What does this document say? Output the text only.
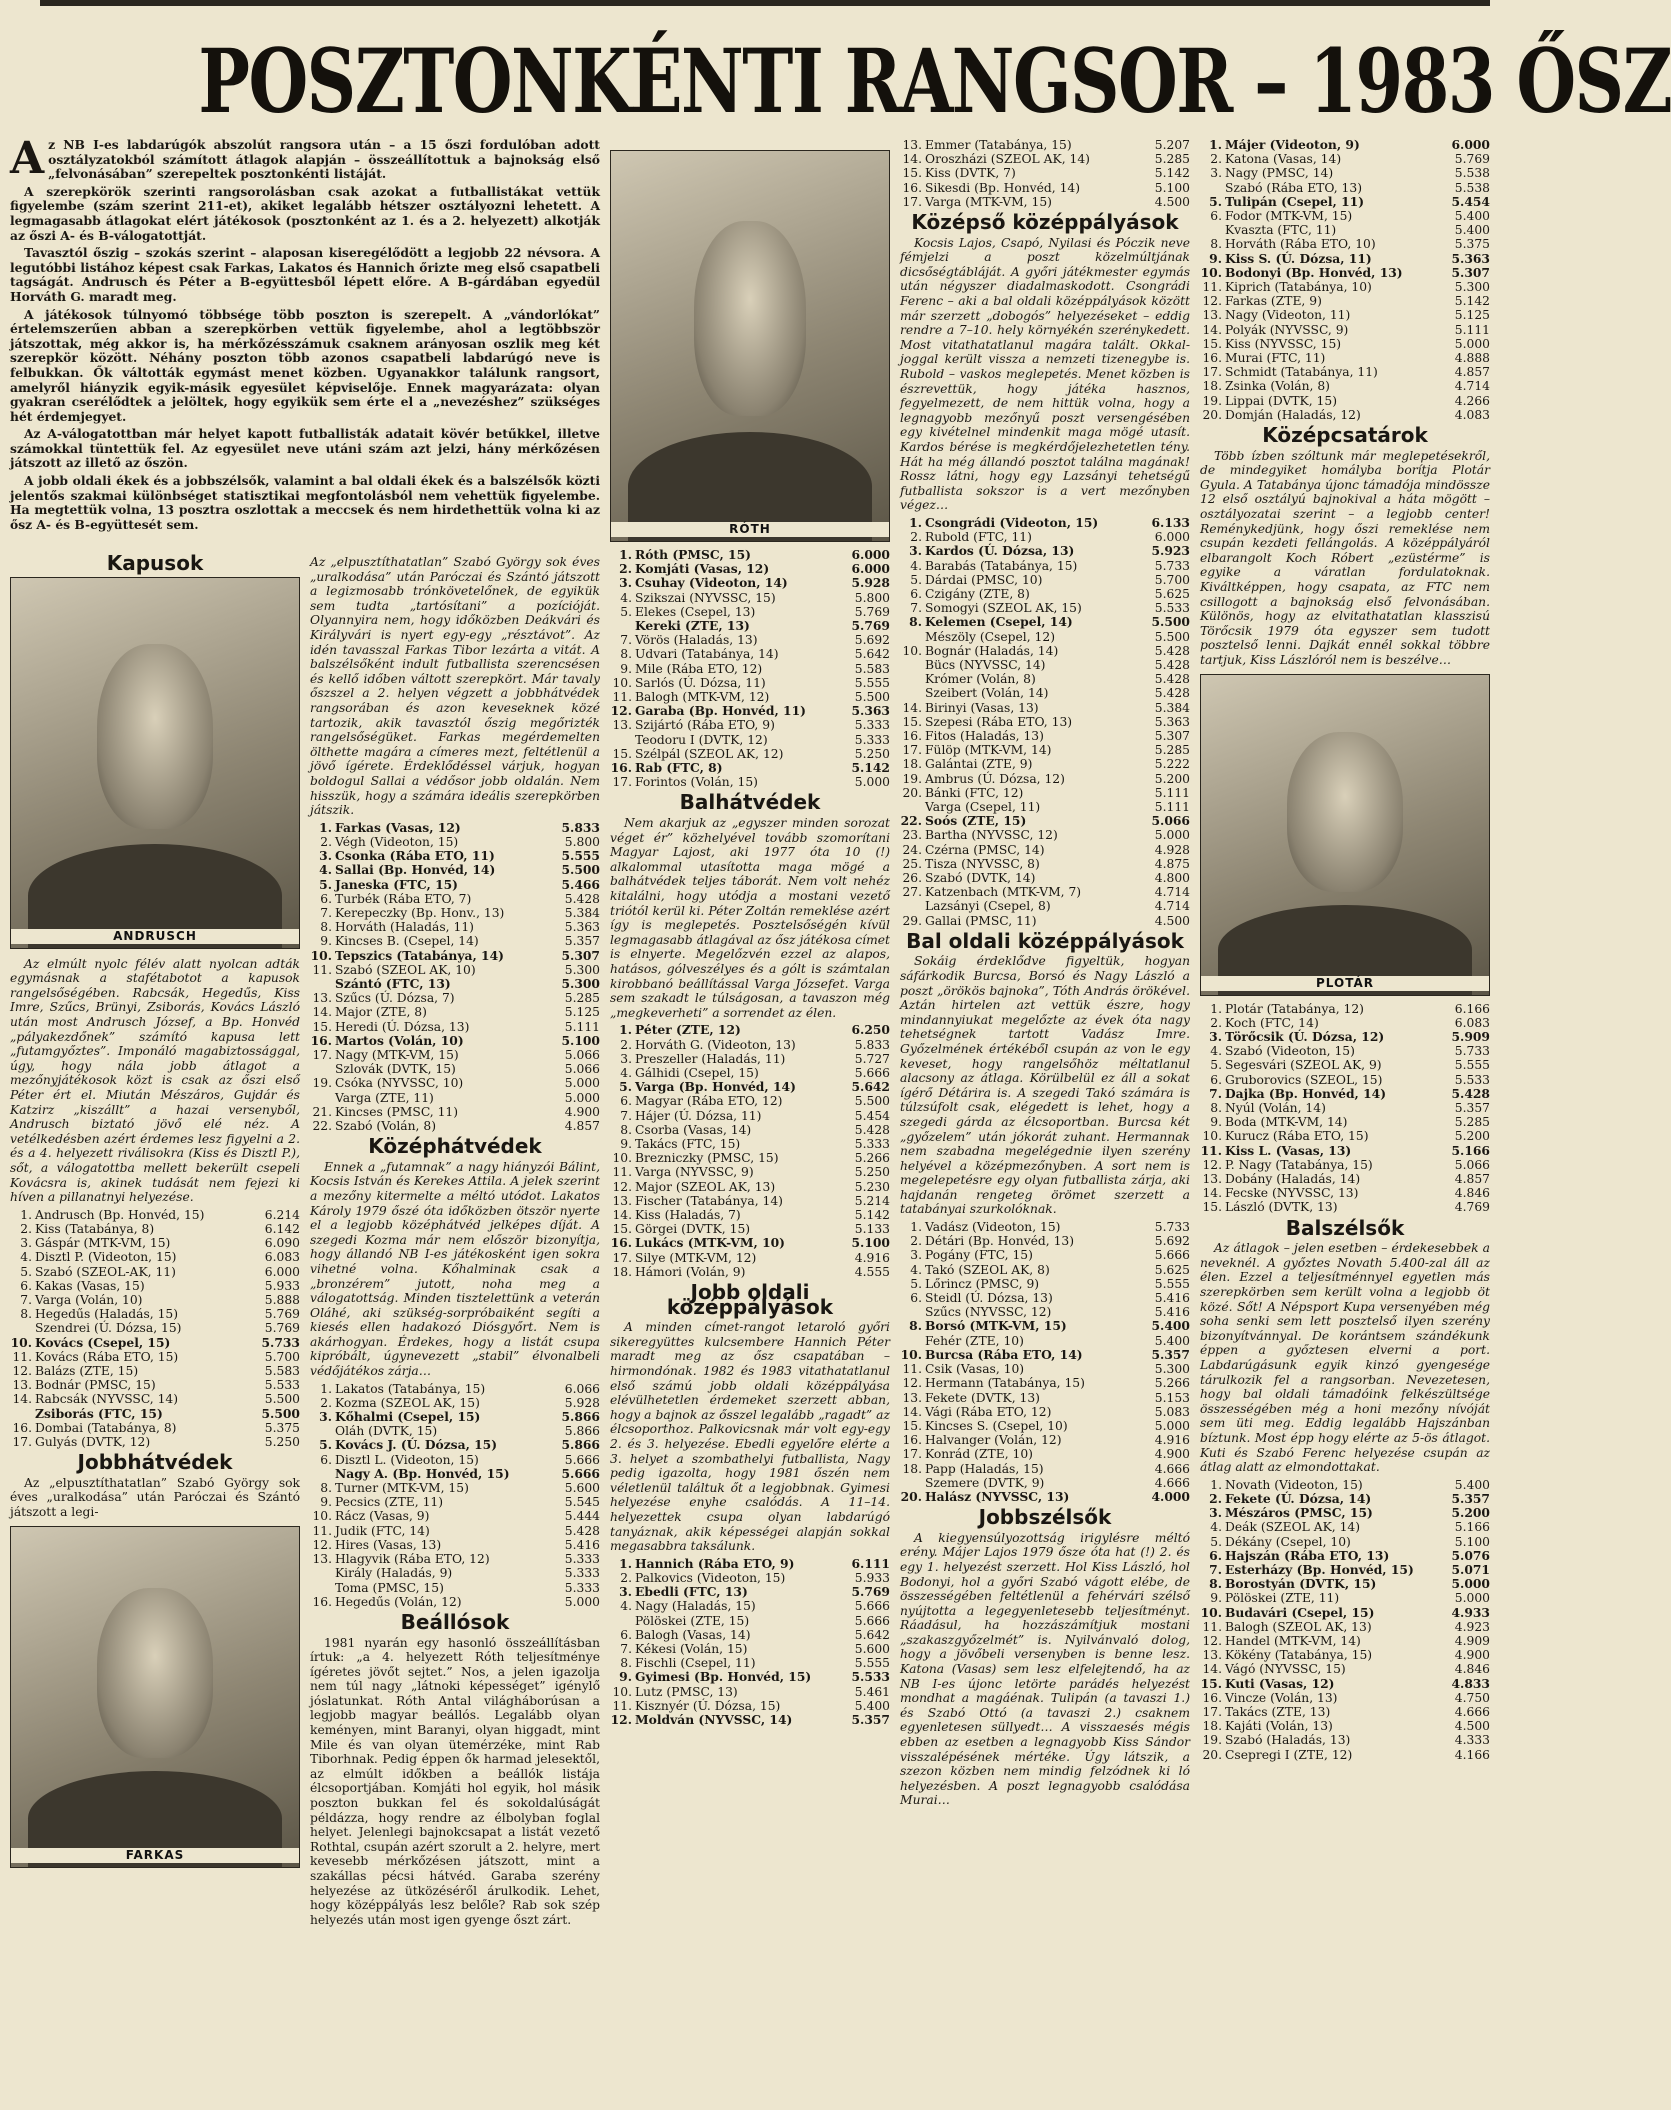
POSZTONKÉNTI RANGSOR – 1983 ŐSZ

Az NB I-es labdarúgók abszolút rangsora után – a 15 őszi fordulóban adott osztályzatokból számított átlagok alapján – összeállítottuk a bajnokság első „felvonásában” szerepeltek posztonkénti listáját.

A szerepkörök szerinti rangsorolásban csak azokat a futballistákat vettük figyelembe (szám szerint 211-et), akiket legalább hétszer osztályozni lehetett. A legmagasabb átlagokat elért játékosok (posztonként az 1. és a 2. helyezett) alkotják az őszi A- és B-válogatottját.

Tavasztól őszig – szokás szerint – alaposan kiseregélődött a legjobb 22 névsora. A legutóbbi listához képest csak Farkas, Lakatos és Hannich őrizte meg első csapatbeli tagságát. Andrusch és Péter a B-együttesből lépett előre. A B-gárdában egyedül Horváth G. maradt meg.

A játékosok túlnyomó többsége több poszton is szerepelt. A „vándorlókat” értelemszerűen abban a szerepkörben vettük figyelembe, ahol a legtöbbször játszottak, még akkor is, ha mérkőzésszámuk csaknem arányosan oszlik meg két szerepkör között. Néhány poszton több azonos csapatbeli labdarúgó neve is felbukkan. Ők váltották egymást menet közben. Ugyanakkor találunk rangsort, amelyről hiányzik egyik-másik egyesület képviselője. Ennek magyarázata: olyan gyakran cserélődtek a jelöltek, hogy egyikük sem érte el a „nevezéshez” szükséges hét érdemjegyet.

Az A-válogatottban már helyet kapott futballisták adatait kövér betűkkel, illetve számokkal tüntettük fel. Az egyesület neve utáni szám azt jelzi, hány mérkőzésen játszott az illető az őszön.

A jobb oldali ékek és a jobbszélsők, valamint a bal oldali ékek és a balszélsők közti jelentős szakmai különbséget statisztikai megfontolásból nem vehettük figyelembe. Ha megtettük volna, 13 posztra oszlottak a meccsek és nem hirdethettük volna ki az ősz A- és B-együttesét sem.

Kapusok
ANDRUSCH

Az elmúlt nyolc félév alatt nyolcan adták egymásnak a stafétabotot a kapusok rangelsőségében. Rabcsák, Hegedűs, Kiss Imre, Szűcs, Brünyi, Zsiborás, Kovács László után most Andrusch József, a Bp. Honvéd „pályakezdőnek” számító kapusa lett „futamgyőztes”. Imponáló magabiztossággal, úgy, hogy nála jobb átlagot a mezőnyjátékosok közt is csak az őszi első Péter ért el. Miután Mészáros, Gujdár és Katzirz „kiszállt” a hazai versenyből, Andrusch biztató jövő elé néz. A vetélkedésben azért érdemes lesz figyelni a 2. és a 4. helyezett riválisokra (Kiss és Disztl P.), sőt, a válogatottba mellett bekerült csepeli Kovácsra is, akinek tudását nem fejezi ki híven a pillanatnyi helyezése.

1.	Andrusch (Bp. Honvéd, 15)	6.214
2.	Kiss (Tatabánya, 8)	6.142
3.	Gáspár (MTK-VM, 15)	6.090
4.	Disztl P. (Videoton, 15)	6.083
5.	Szabó (SZEOL-AK, 11)	6.000
6.	Kakas (Vasas, 15)	5.933
7.	Varga (Volán, 10)	5.888
8.	Hegedűs (Haladás, 15)	5.769
	Szendrei (Ú. Dózsa, 15)	5.769
10.	Kovács (Csepel, 15)	5.733
11.	Kovács (Rába ETO, 15)	5.700
12.	Balázs (ZTE, 15)	5.583
13.	Bodnár (PMSC, 15)	5.533
14.	Rabcsák (NYVSSC, 14)	5.500
	Zsiborás (FTC, 15)	5.500
16.	Dombai (Tatabánya, 8)	5.375
17.	Gulyás (DVTK, 12)	5.250
Jobbhátvédek

Az „elpusztíthatatlan” Szabó György sok éves „uralkodása” után Paróczai és Szántó játszott a legi-

FARKAS

Az „elpusztíthatatlan” Szabó György sok éves „uralkodása” után Paróczai és Szántó játszott a legizmosabb trónkövetelőnek, de egyikük sem tudta „tartósítani” a pozícióját. Olyannyira nem, hogy időközben Deákvári és Királyvári is nyert egy-egy „résztávot”. Az idén tavasszal Farkas Tibor lezárta a vitát. A balszélsőként indult futballista szerencsésen és kellő időben váltott szerepkört. Már tavaly őszszel a 2. helyen végzett a jobbhátvédek rangsorában és azon keveseknek közé tartozik, akik tavasztól őszig megőrizték rangelsőségüket. Farkas megérdemelten ölthette magára a címeres mezt, feltétlenül a jövő ígérete. Érdeklődéssel várjuk, hogyan boldogul Sallai a védősor jobb oldalán. Nem hisszük, hogy a számára ideális szerepkörben játszik.

1.	Farkas (Vasas, 12)	5.833
2.	Végh (Videoton, 15)	5.800
3.	Csonka (Rába ETO, 11)	5.555
4.	Sallai (Bp. Honvéd, 14)	5.500
5.	Janeska (FTC, 15)	5.466
6.	Turbék (Rába ETO, 7)	5.428
7.	Kerepeczky (Bp. Honv., 13)	5.384
8.	Horváth (Haladás, 11)	5.363
9.	Kincses B. (Csepel, 14)	5.357
10.	Tepszics (Tatabánya, 14)	5.307
11.	Szabó (SZEOL AK, 10)	5.300
	Szántó (FTC, 13)	5.300
13.	Szűcs (Ú. Dózsa, 7)	5.285
14.	Major (ZTE, 8)	5.125
15.	Heredi (Ú. Dózsa, 13)	5.111
16.	Martos (Volán, 10)	5.100
17.	Nagy (MTK-VM, 15)	5.066
	Szlovák (DVTK, 15)	5.066
19.	Csóka (NYVSSC, 10)	5.000
	Varga (ZTE, 11)	5.000
21.	Kincses (PMSC, 11)	4.900
22.	Szabó (Volán, 8)	4.857
Középhátvédek

Ennek a „futamnak” a nagy hiányzói Bálint, Kocsis István és Kerekes Attila. A jelek szerint a mezőny kitermelte a méltó utódot. Lakatos Károly 1979 őszé óta időközben ötször nyerte el a legjobb középhátvéd jelképes díját. A szegedi Kozma már nem először bizonyítja, hogy állandó NB I-es játékosként igen sokra vihetné volna. Kőhalminak csak a „bronzérem” jutott, noha meg a válogatottság. Minden tisztelettünk a veterán Oláhé, aki szükség-sorpróbaiként segíti a kiesés ellen hadakozó Diósgyőrt. Nem is akárhogyan. Érdekes, hogy a listát csupa kipróbált, úgynevezett „stabil” élvonalbeli védőjátékos zárja…

1.	Lakatos (Tatabánya, 15)	6.066
2.	Kozma (SZEOL AK, 15)	5.928
3.	Kőhalmi (Csepel, 15)	5.866
	Oláh (DVTK, 15)	5.866
5.	Kovács J. (Ú. Dózsa, 15)	5.866
6.	Disztl L. (Videoton, 15)	5.666
	Nagy A. (Bp. Honvéd, 15)	5.666
8.	Turner (MTK-VM, 15)	5.600
9.	Pecsics (ZTE, 11)	5.545
10.	Rácz (Vasas, 9)	5.444
11.	Judik (FTC, 14)	5.428
12.	Hires (Vasas, 13)	5.416
13.	Hlagyvik (Rába ETO, 12)	5.333
	Király (Haladás, 9)	5.333
	Toma (PMSC, 15)	5.333
16.	Hegedűs (Volán, 12)	5.000
Beállósok

1981 nyarán egy hasonló összeállításban írtuk: „a 4. helyezett Róth teljesítménye ígéretes jövőt sejtet.” Nos, a jelen igazolja nem túl nagy „látnoki képességet” igénylő jóslatunkat. Róth Antal világháborúsan a legjobb magyar beállós. Legalább olyan keményen, mint Baranyi, olyan higgadt, mint Mile és van olyan ütemérzéke, mint Rab Tiborhnak. Pedig éppen ők harmad jelesektől, az elmúlt időkben a beállók listája élcsoportjában. Komjáti hol egyik, hol másik poszton bukkan fel és sokoldalúságát példázza, hogy rendre az élbolyban foglal helyet. Jelenlegi bajnokcsapat a listát vezető Rothtal, csupán azért szorult a 2. helyre, mert kevesebb mérkőzésen játszott, mint a szakállas pécsi hátvéd. Garaba szerény helyezése az ütközéséről árulkodik. Lehet, hogy középpályás lesz belőle? Rab sok szép helyezés után most igen gyenge őszt zárt.

RÓTH
1.	Róth (PMSC, 15)	6.000
2.	Komjáti (Vasas, 12)	6.000
3.	Csuhay (Videoton, 14)	5.928
4.	Szikszai (NYVSSC, 15)	5.800
5.	Elekes (Csepel, 13)	5.769
	Kereki (ZTE, 13)	5.769
7.	Vörös (Haladás, 13)	5.692
8.	Udvari (Tatabánya, 14)	5.642
9.	Mile (Rába ETO, 12)	5.583
10.	Sarlós (Ú. Dózsa, 11)	5.555
11.	Balogh (MTK-VM, 12)	5.500
12.	Garaba (Bp. Honvéd, 11)	5.363
13.	Szijártó (Rába ETO, 9)	5.333
	Teodoru I (DVTK, 12)	5.333
15.	Szélpál (SZEOL AK, 12)	5.250
16.	Rab (FTC, 8)	5.142
17.	Forintos (Volán, 15)	5.000
Balhátvédek

Nem akarjuk az „egyszer minden sorozat véget ér” közhelyével tovább szomorítani Magyar Lajost, aki 1977 óta 10 (!) alkalommal utasította maga mögé a balhátvédek teljes táborát. Nem volt nehéz kitalálni, hogy utódja a mostani vezető triótól kerül ki. Péter Zoltán remeklése azért így is meglepetés. Posztelsőségén kívül legmagasabb átlagával az ősz játékosa címet is elnyerte. Megelőzvén ezzel az alapos, hatásos, gólveszélyes és a gólt is számtalan kirobbanó beállítással Varga Józsefet. Varga sem szakadt le túlságosan, a tavaszon még „megkeverheti” a sorrendet az élen.

1.	Péter (ZTE, 12)	6.250
2.	Horváth G. (Videoton, 13)	5.833
3.	Preszeller (Haladás, 11)	5.727
4.	Gálhidi (Csepel, 15)	5.666
5.	Varga (Bp. Honvéd, 14)	5.642
6.	Magyar (Rába ETO, 12)	5.500
7.	Hájer (Ú. Dózsa, 11)	5.454
8.	Csorba (Vasas, 14)	5.428
9.	Takács (FTC, 15)	5.333
10.	Brezniczky (PMSC, 15)	5.266
11.	Varga (NYVSSC, 9)	5.250
12.	Major (SZEOL AK, 13)	5.230
13.	Fischer (Tatabánya, 14)	5.214
14.	Kiss (Haladás, 7)	5.142
15.	Görgei (DVTK, 15)	5.133
16.	Lukács (MTK-VM, 10)	5.100
17.	Silye (MTK-VM, 12)	4.916
18.	Hámori (Volán, 9)	4.555
Jobb oldali középpályások

A minden címet-rangot letaroló győri sikeregyüttes kulcsembere Hannich Péter maradt meg az ősz csapatában – hirmondónak. 1982 és 1983 vitathatatlanul első számú jobb oldali középpályása elévülhetetlen érdemeket szerzett abban, hogy a bajnok az ősszel legalább „ragadt” az élcsoporthoz. Palkovicsnak már volt egy-egy 2. és 3. helyezése. Ebedli egyelőre elérte a 3. helyet a szombathelyi futballista, Nagy pedig igazolta, hogy 1981 őszén nem véletlenül találtuk őt a legjobbnak. Gyimesi helyezése enyhe csalódás. A 11–14. helyezettek csupa olyan labdarúgó tanyáznak, akik képességei alapján sokkal megasabbra taksálunk.

1.	Hannich (Rába ETO, 9)	6.111
2.	Palkovics (Videoton, 15)	5.933
3.	Ebedli (FTC, 13)	5.769
4.	Nagy (Haladás, 15)	5.666
	Pölöskei (ZTE, 15)	5.666
6.	Balogh (Vasas, 14)	5.642
7.	Kékesi (Volán, 15)	5.600
8.	Fischli (Csepel, 11)	5.555
9.	Gyimesi (Bp. Honvéd, 15)	5.533
10.	Lutz (PMSC, 13)	5.461
11.	Kisznyér (Ú. Dózsa, 15)	5.400
12.	Moldván (NYVSSC, 14)	5.357
13.	Emmer (Tatabánya, 15)	5.207
14.	Oroszházi (SZEOL AK, 14)	5.285
15.	Kiss (DVTK, 7)	5.142
16.	Sikesdi (Bp. Honvéd, 14)	5.100
17.	Varga (MTK-VM, 15)	4.500
Középső középpályások

Kocsis Lajos, Csapó, Nyilasi és Póczik neve fémjelzi a poszt közelmúltjának dicsőségtábláját. A győri játékmester egymás után négyszer diadalmaskodott. Csongrádi Ferenc – aki a bal oldali középpályások között már szerzett „dobogós” helyezéseket – eddig rendre a 7–10. hely környékén szerénykedett. Most vitathatatlanul magára talált. Okkal-joggal került vissza a nemzeti tizenegybe is. Rubold – vaskos meglepetés. Menet közben is észrevettük, hogy játéka hasznos, fegyelmezett, de nem hittük volna, hogy a legnagyobb mezőnyű poszt versengésében egy kivételnel mindenkit maga mögé utasít. Kardos bérése is megkérdőjelezhetetlen tény. Hát ha még állandó posztot találna magának! Rossz látni, hogy egy Lazsányi tehetségű futballista sokszor is a vert mezőnyben végez…

1.	Csongrádi (Videoton, 15)	6.133
2.	Rubold (FTC, 11)	6.000
3.	Kardos (Ú. Dózsa, 13)	5.923
4.	Barabás (Tatabánya, 15)	5.733
5.	Dárdai (PMSC, 10)	5.700
6.	Czigány (ZTE, 8)	5.625
7.	Somogyi (SZEOL AK, 15)	5.533
8.	Kelemen (Csepel, 14)	5.500
	Mészöly (Csepel, 12)	5.500
10.	Bognár (Haladás, 14)	5.428
	Bücs (NYVSSC, 14)	5.428
	Krómer (Volán, 8)	5.428
	Szeibert (Volán, 14)	5.428
14.	Birinyi (Vasas, 13)	5.384
15.	Szepesi (Rába ETO, 13)	5.363
16.	Fitos (Haladás, 13)	5.307
17.	Fülöp (MTK-VM, 14)	5.285
18.	Galántai (ZTE, 9)	5.222
19.	Ambrus (Ú. Dózsa, 12)	5.200
20.	Bánki (FTC, 12)	5.111
	Varga (Csepel, 11)	5.111
22.	Soós (ZTE, 15)	5.066
23.	Bartha (NYVSSC, 12)	5.000
24.	Czérna (PMSC, 14)	4.928
25.	Tisza (NYVSSC, 8)	4.875
26.	Szabó (DVTK, 14)	4.800
27.	Katzenbach (MTK-VM, 7)	4.714
	Lazsányi (Csepel, 8)	4.714
29.	Gallai (PMSC, 11)	4.500
Bal oldali középpályások

Sokáig érdeklődve figyeltük, hogyan sáfárkodik Burcsa, Borsó és Nagy László a poszt „örökös bajnoka”, Tóth András örökével. Aztán hirtelen azt vettük észre, hogy mindannyiukat megelőzte az évek óta nagy tehetségnek tartott Vadász Imre. Győzelmének értékéből csupán az von le egy keveset, hogy rangelsőhöz méltatlanul alacsony az átlaga. Körülbelül ez áll a sokat ígérő Détárira is. A szegedi Takó számára is túlzsúfolt csak, elégedett is lehet, hogy a szegedi gárda az élcsoportban. Burcsa két „győzelem” után jókorát zuhant. Hermannak nem szabadna megelégednie ilyen szerény helyével a középmezőnyben. A sort nem is megelepetésre egy olyan futballista zárja, aki hajdanán rengeteg örömet szerzett a tatabányai szurkolóknak.

1.	Vadász (Videoton, 15)	5.733
2.	Détári (Bp. Honvéd, 13)	5.692
3.	Pogány (FTC, 15)	5.666
4.	Takó (SZEOL AK, 8)	5.625
5.	Lőrincz (PMSC, 9)	5.555
6.	Steidl (Ú. Dózsa, 13)	5.416
	Szűcs (NYVSSC, 12)	5.416
8.	Borsó (MTK-VM, 15)	5.400
	Fehér (ZTE, 10)	5.400
10.	Burcsa (Rába ETO, 14)	5.357
11.	Csik (Vasas, 10)	5.300
12.	Hermann (Tatabánya, 15)	5.266
13.	Fekete (DVTK, 13)	5.153
14.	Vági (Rába ETO, 12)	5.083
15.	Kincses S. (Csepel, 10)	5.000
16.	Halvanger (Volán, 12)	4.916
17.	Konrád (ZTE, 10)	4.900
18.	Papp (Haladás, 15)	4.666
	Szemere (DVTK, 9)	4.666
20.	Halász (NYVSSC, 13)	4.000
Jobbszélsők

A kiegyensúlyozottság irigylésre méltó erény. Májer Lajos 1979 ősze óta hat (!) 2. és egy 1. helyezést szerzett. Hol Kiss László, hol Bodonyi, hol a győri Szabó vágott elébe, de összességében feltétlenül a fehérvári szélső nyújtotta a legegyenletesebb teljesítményt. Ráadásul, ha hozzászámítjuk mostani „szakaszgyőzelmét” is. Nyilvánvaló dolog, hogy a jövőbeli versenyben is benne lesz. Katona (Vasas) sem lesz elfelejtendő, ha az NB I-es újonc letörte parádés helyezést mondhat a magáénak. Tulipán (a tavaszi 1.) és Szabó Ottó (a tavaszi 2.) csaknem egyenletesen süllyedt… A visszaesés mégis ebben az esetben a legnagyobb Kiss Sándor visszalépésének mértéke. Úgy látszik, a szezon közben nem mindig felzódnek ki ló helyezésben. A poszt legnagyobb csalódása Murai…

1.	Májer (Videoton, 9)	6.000
2.	Katona (Vasas, 14)	5.769
3.	Nagy (PMSC, 14)	5.538
	Szabó (Rába ETO, 13)	5.538
5.	Tulipán (Csepel, 11)	5.454
6.	Fodor (MTK-VM, 15)	5.400
	Kvaszta (FTC, 11)	5.400
8.	Horváth (Rába ETO, 10)	5.375
9.	Kiss S. (Ú. Dózsa, 11)	5.363
10.	Bodonyi (Bp. Honvéd, 13)	5.307
11.	Kiprich (Tatabánya, 10)	5.300
12.	Farkas (ZTE, 9)	5.142
13.	Nagy (Videoton, 11)	5.125
14.	Polyák (NYVSSC, 9)	5.111
15.	Kiss (NYVSSC, 15)	5.000
16.	Murai (FTC, 11)	4.888
17.	Schmidt (Tatabánya, 11)	4.857
18.	Zsinka (Volán, 8)	4.714
19.	Lippai (DVTK, 15)	4.266
20.	Domján (Haladás, 12)	4.083
Középcsatárok

Több ízben szóltunk már meglepetésekről, de mindegyiket homályba borítja Plotár Gyula. A Tatabánya újonc támadója mindössze 12 első osztályú bajnokival a háta mögött – osztályozatai szerint – a legjobb center! Reménykedjünk, hogy őszi remeklése nem csupán kezdeti fellángolás. A középpályáról elbarangolt Koch Róbert „ezüstérme” is egyike a váratlan fordulatoknak. Kiváltképpen, hogy csapata, az FTC nem csillogott a bajnokság első felvonásában. Különös, hogy az elvitathatatlan klasszisú Törőcsik 1979 óta egyszer sem tudott posztelső lenni. Dajkát ennél sokkal többre tartjuk, Kiss Lászlóról nem is beszélve…

PLOTÁR
1.	Plotár (Tatabánya, 12)	6.166
2.	Koch (FTC, 14)	6.083
3.	Törőcsik (Ú. Dózsa, 12)	5.909
4.	Szabó (Videoton, 15)	5.733
5.	Segesvári (SZEOL AK, 9)	5.555
6.	Gruborovics (SZEOL, 15)	5.533
7.	Dajka (Bp. Honvéd, 14)	5.428
8.	Nyúl (Volán, 14)	5.357
9.	Boda (MTK-VM, 14)	5.285
10.	Kurucz (Rába ETO, 15)	5.200
11.	Kiss L. (Vasas, 13)	5.166
12.	P. Nagy (Tatabánya, 15)	5.066
13.	Dobány (Haladás, 14)	4.857
14.	Fecske (NYVSSC, 13)	4.846
15.	László (DVTK, 13)	4.769
Balszélsők

Az átlagok – jelen esetben – érdekesebbek a neveknél. A győztes Novath 5.400-zal áll az élen. Ezzel a teljesítménnyel egyetlen más szerepkörben sem került volna a legjobb öt közé. Sőt! A Népsport Kupa versenyében még soha senki sem lett posztelső ilyen szerény bizonyítvánnyal. De korántsem szándékunk éppen a győztesen elverni a port. Labdarúgásunk egyik kinzó gyengesége tárulkozik fel a rangsorban. Nevezetesen, hogy bal oldali támadóink felkészültsége összességében még a honi mezőny nívóját sem üti meg. Eddig legalább Hajszánban bíztunk. Most épp hogy elérte az 5-ös átlagot. Kuti és Szabó Ferenc helyezése csupán az átlag alatt az elmondottakat.

1.	Novath (Videoton, 15)	5.400
2.	Fekete (Ú. Dózsa, 14)	5.357
3.	Mészáros (PMSC, 15)	5.200
4.	Deák (SZEOL AK, 14)	5.166
5.	Dékány (Csepel, 10)	5.100
6.	Hajszán (Rába ETO, 13)	5.076
7.	Esterházy (Bp. Honvéd, 15)	5.071
8.	Borostyán (DVTK, 15)	5.000
9.	Pölöskei (ZTE, 11)	5.000
10.	Budavári (Csepel, 15)	4.933
11.	Balogh (SZEOL AK, 13)	4.923
12.	Handel (MTK-VM, 14)	4.909
13.	Kökény (Tatabánya, 15)	4.900
14.	Vágó (NYVSSC, 15)	4.846
15.	Kuti (Vasas, 12)	4.833
16.	Vincze (Volán, 13)	4.750
17.	Takács (ZTE, 13)	4.666
18.	Kajáti (Volán, 13)	4.500
19.	Szabó (Haladás, 13)	4.333
20.	Csepregi I (ZTE, 12)	4.166
